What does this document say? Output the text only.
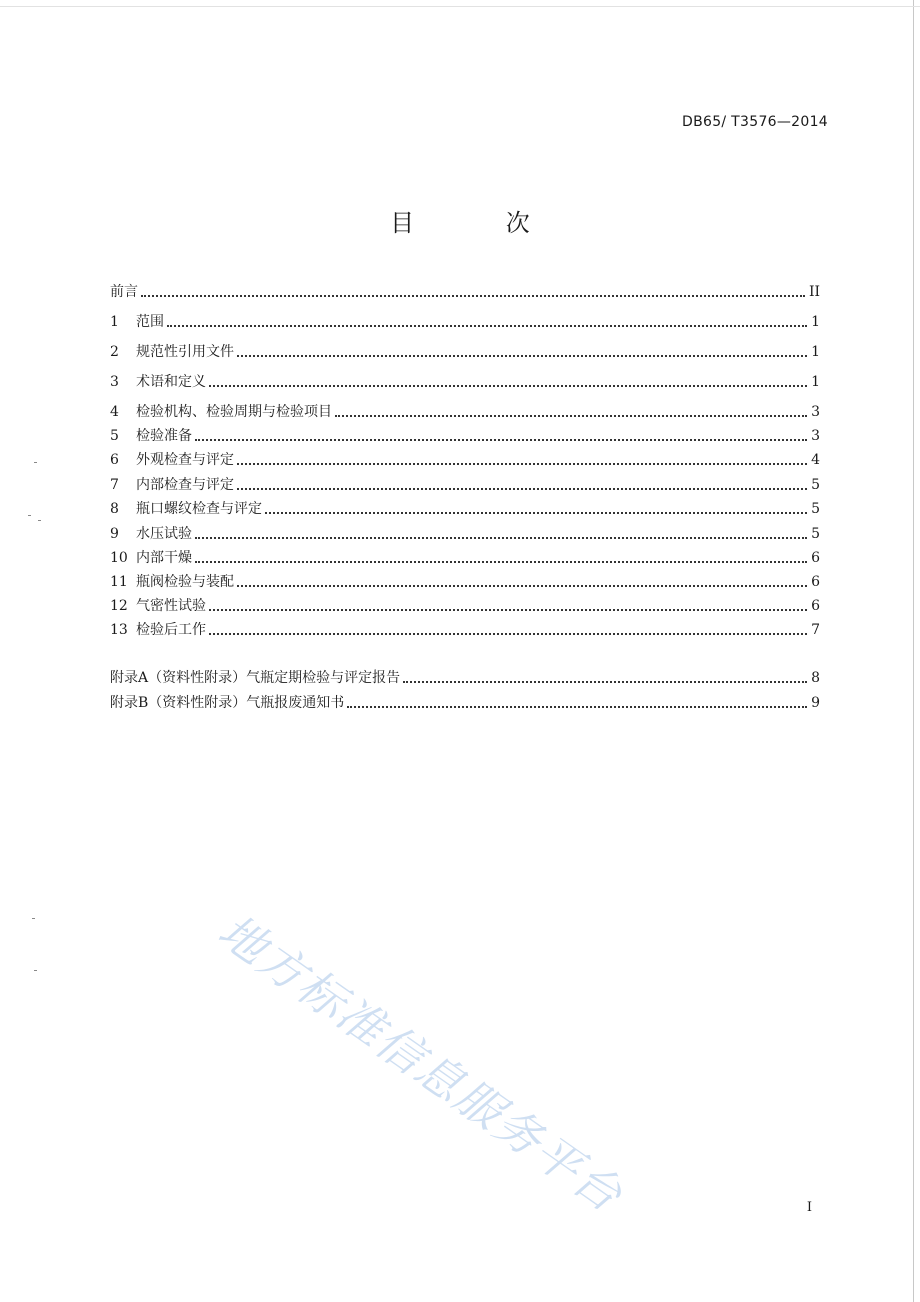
DB65/ T3576—2014
目 次
前言	II
1	范围	1
2	规范性引用文件	1
3	术语和定义	1
4	检验机构、检验周期与检验项目	3
5	检验准备	3
6	外观检查与评定	4
7	内部检查与评定	5
8	瓶口螺纹检查与评定	5
9	水压试验	5
10 内部干燥	6
11 瓶阀检验与装配	6
12 气密性试验	6
13 检验后工作	7
附录A（资料性附录）气瓶定期检验与评定报告	8
附录B（资料性附录）气瓶报废通知书	9
地方标准信息服务平台	I
